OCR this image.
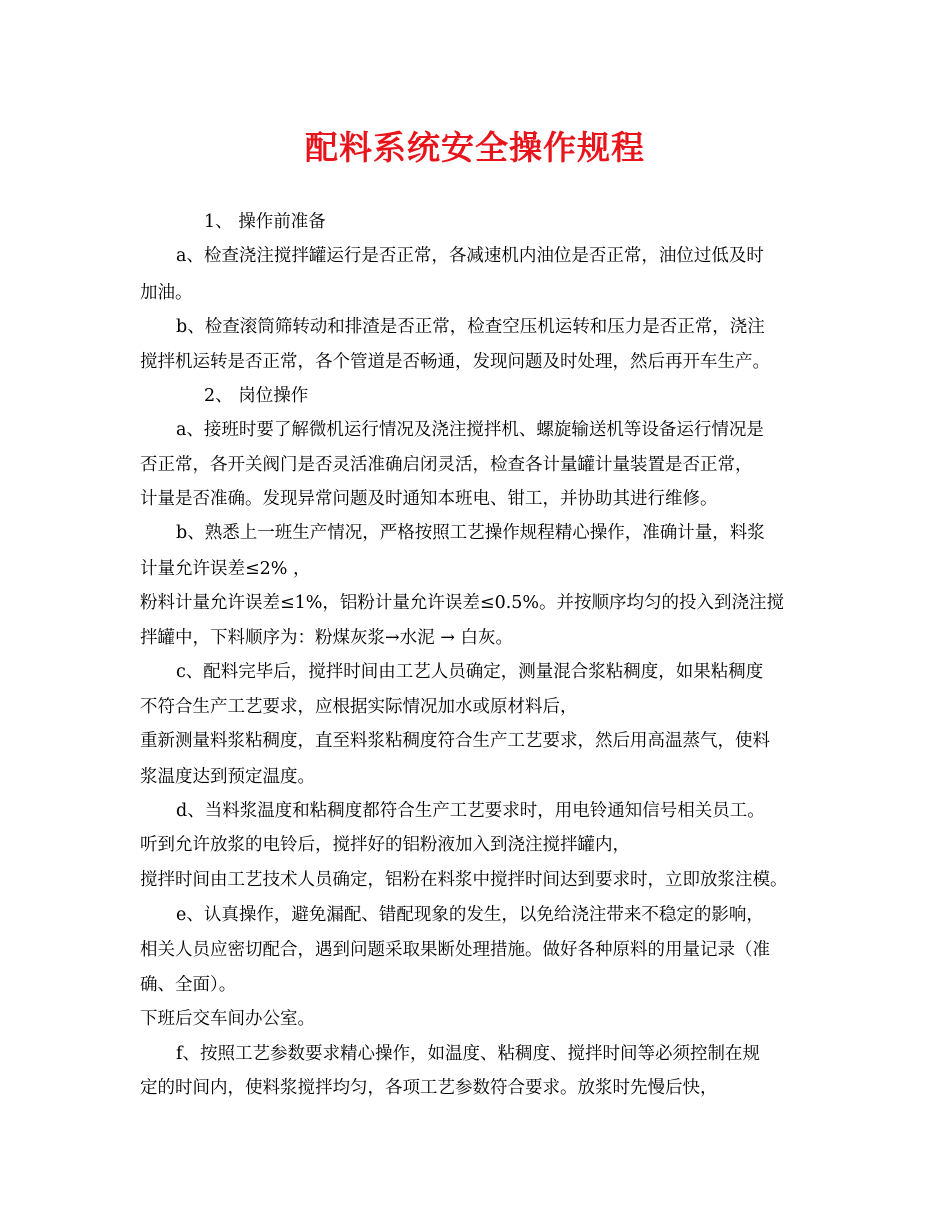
配料系统安全操作规程
1、 操作前准备
a、检查浇注搅拌罐运行是否正常，各减速机内油位是否正常，油位过低及时
加油。
b、检查滚筒筛转动和排渣是否正常，检查空压机运转和压力是否正常，浇注
搅拌机运转是否正常，各个管道是否畅通，发现问题及时处理，然后再开车生产。
2、 岗位操作
a、接班时要了解微机运行情况及浇注搅拌机、螺旋输送机等设备运行情况是
否正常，各开关阀门是否灵活准确启闭灵活，检查各计量罐计量装置是否正常，
计量是否准确。发现异常问题及时通知本班电、钳工，并协助其进行维修。
b、熟悉上一班生产情况，严格按照工艺操作规程精心操作，准确计量，料浆
计量允许误差≤2% ，
粉料计量允许误差≤1%，铝粉计量允许误差≤0.5%。并按顺序均匀的投入到浇注搅
拌罐中，下料顺序为：粉煤灰浆→水泥 → 白灰。
c、配料完毕后，搅拌时间由工艺人员确定，测量混合浆粘稠度，如果粘稠度
不符合生产工艺要求，应根据实际情况加水或原材料后，
重新测量料浆粘稠度，直至料浆粘稠度符合生产工艺要求，然后用高温蒸气，使料
浆温度达到预定温度。
d、当料浆温度和粘稠度都符合生产工艺要求时，用电铃通知信号相关员工。
听到允许放浆的电铃后，搅拌好的铝粉液加入到浇注搅拌罐内，
搅拌时间由工艺技术人员确定，铝粉在料浆中搅拌时间达到要求时，立即放浆注模。
e、认真操作，避免漏配、错配现象的发生，以免给浇注带来不稳定的影响，
相关人员应密切配合，遇到问题采取果断处理措施。做好各种原料的用量记录（准
确、全面）。
下班后交车间办公室。
f、按照工艺参数要求精心操作，如温度、粘稠度、搅拌时间等必须控制在规
定的时间内，使料浆搅拌均匀，各项工艺参数符合要求。放浆时先慢后快，
